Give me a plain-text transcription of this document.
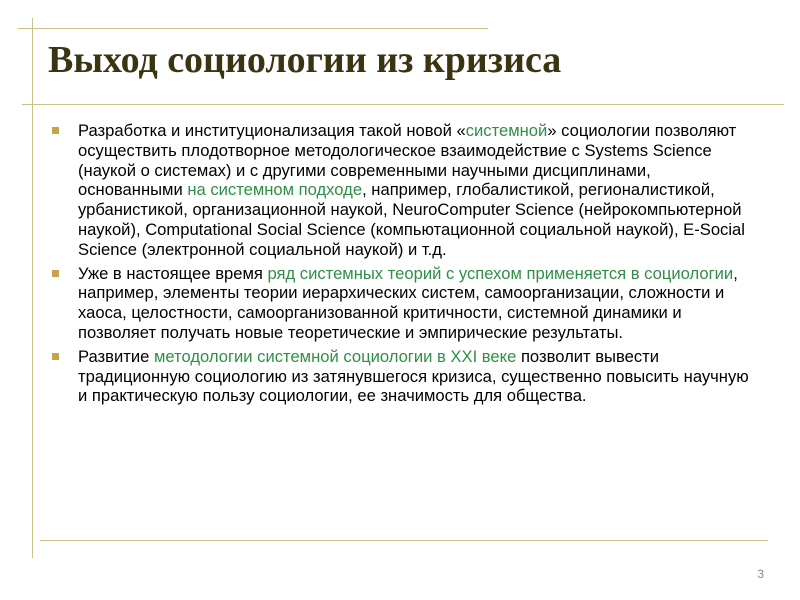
Выход социологии из кризиса
Разработка и институционализация такой новой «системной» социологии позволяют осуществить плодотворное методологическое взаимодействие с Systems Science (наукой о системах) и с другими современными научными дисциплинами, основанными на системном подходе, например, глобалистикой, регионалистикой, урбанистикой, организационной наукой, NeuroComputer Science (нейрокомпьютерной наукой), Computational Social Science (компьютационной социальной наукой), E-Social Science (электронной социальной наукой) и т.д.
Уже в настоящее время ряд системных теорий с успехом применяется в социологии, например, элементы теории иерархических систем, самоорганизации, сложности и хаоса, целостности, самоорганизованной критичности, системной динамики и позволяет получать новые теоретические и эмпирические результаты.
Развитие методологии системной социологии в XXI веке позволит вывести традиционную социологию из затянувшегося кризиса, существенно повысить научную и практическую пользу социологии, ее значимость для общества.
3
